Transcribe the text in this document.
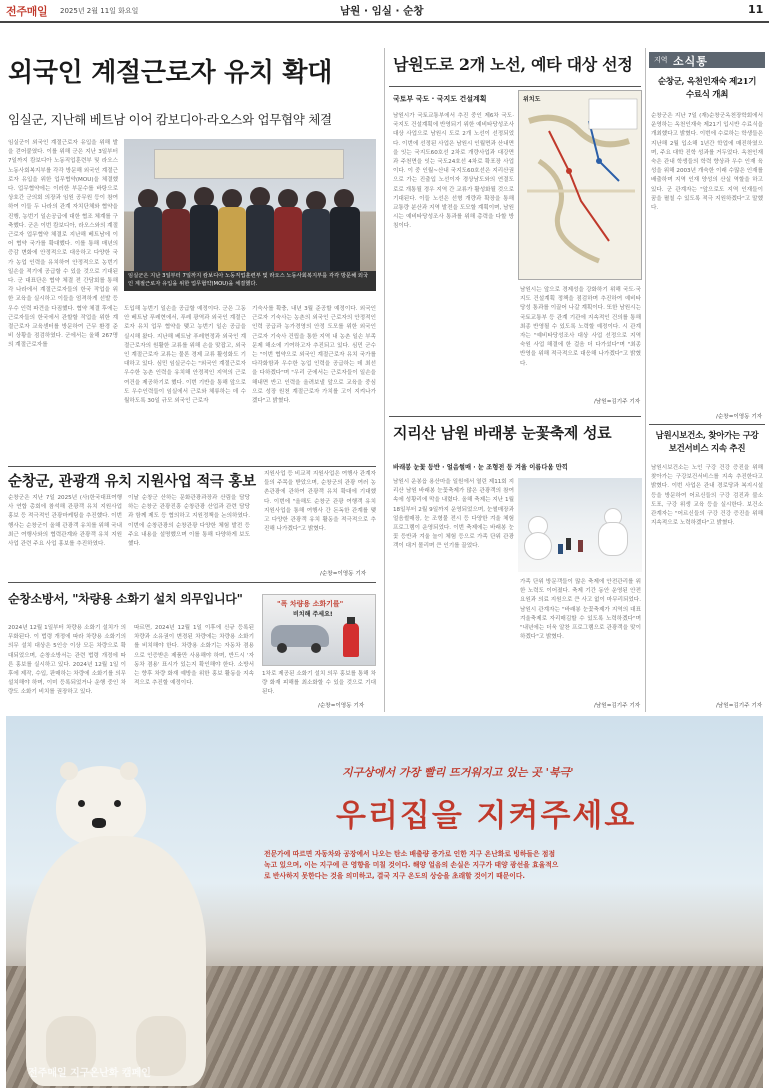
전주매일 2025년 2월 11일 화요일	남원 · 임실 · 순창	11
외국인 계절근로자 유치 확대
임실군, 지난해 베트남 이어 캄보디아·라오스와 업무협약 체결
임실군이 외국인 계절근로자 유입을 위해 발을 걷어붙였다. 이를 위해 군은 지난 3일부터 7일까지 캄보디아 노동직업훈련부 및 라오스 노동사회복지부를 각각 방문해 외국인 계절근로자 유입을 위한 업무협약(MOU)을 체결했다. 업무협약에는 이러한 부문수를 바탕으로 상호간 군의회 의장과 임원 공무원 등이 참여하여 이들 두 나라의 관계 자치단체와 협약을 진행, 농번기 일손공급에 대한 협조 체계를 구축했다. 군은 이번 캄보디아, 라오스와의 계절근로자 업무협약 체결로 지난해 베트남에 이어 협약 국가를 확대했다. 이를 통해 매년의 증감 변화에 안정적으로 대응하고 다양한 국가 농업 인력을 유치하여 안정적으로 농번기 일손을 적기에 공급할 수 있을 것으로 기대된다. 군 대표단은 협약 체결 전 간담회를 통해 각 나라에서 계절근로자들의 한국 작업을 위한 교육을 실시하고 이들을 엄격하게 선발 등 우수 인력 파견을 다짐했다. 협약 체결 후에는 근로자들의 한국에서 관할할 작업을 위한 계절근로자 교육센터를 방문하여 근무 환경 준비 상황을 점검하였다. 군에서는 올해 267명의 계절근로자를
임실군은 지난 3일부터 7일까지 캄보디아 노동직업훈련부 및 라오스 노동사회복지부를 각각 방문해 외국인 계절근로자 유입을 위한 업무협약(MOU)을 체결했다.
도입해 농번기 일손을 공급할 예정이다. 군은 그동안 베트남 푸레현에서, 푸레 광역과 외국인 계절근로자 유치 업무 협약을 맺고 농번기 일손 공급을 실시해 왔다. 지난해 베트남 푸레현정과 외국인 계절근로자의 원활한 교류를 위해 손을 맞잡고, 외국인 계절근로자 교류는 물론 경제 교류 활성화도 기대하고 있다. 심민 임실군수는 "외국인 계절근로자 우수한 농촌 인력을 유치해 안정적인 지역의 근로 여건을 제공하기로 했다. 이번 기반을 통해 앞으로도 우수인력들이 임실에서 근로와 체류하는 데 수월하도록 30일 규모 외국인 근로자
기숙사를 확충, 내년 3월 준공할 예정이다. 외국인 근로자 기숙사는 농촌의 외국인 근로자의 안정적인 인력 공급과 농가경영의 안정 도모를 위한 외국인 근로자 기숙사 건립을 통한 지역 내 농촌 일손 부족 문제 해소에 기여하고자 추진되고 있다. 심민 군수는 "이번 협약으로 외국인 계절근로자 유치 국가를 다각화함과 우수한 농업 인력을 공급하는 데 최선을 다하겠다"며 "우리 군에서는 근로자들이 일손을 해내면 반고 인력을 올려보낼 앞으로 교육을 중심으로 성장 원천 계절근로자 가치를 고이 지켜나가겠다"고 밝혔다.
순창군, 관광객 유치 지원사업 적극 홍보
순창군은 지난 7일 2025년 (사)한국대표여행사 연합 총회에 참석해 관광객 유치 지원사업 홍보 등 적극적인 관광마케팅을 추진했다. 이번 행사는 순창군이 올해 관광객 유치를 위해 국내 최근 여행사와의 협력관계와 관광객 유치 지원사업 관련 주요 사업 홍보를 추진하였다.
이날 순창군 산하는 문화관광과장과 산림을 담당하는 순창군 관광진흥 순창관광 산업과 관련 담당과 함께 제도 등 협의하고 지원정책을 논의하였다. 이번에 순창관광의 순창관광 다양한 체험 발전 등 주요 내용을 설명했으며 이를 통해 다양하게 보도했다.
지원사업 등 비교적 지원사업은 여행사 관계자들의 주목을 받았으며, 순창군의 관광 여러 농촌관광에 관하여 관광객 유치 확대에 기대했다. 이번에 "올해도 순창군 관광 여행객 유치 지원사업을 통해 여행사 간 돈독한 관계를 맺고 다양한 관광객 유치 활동을 적극적으로 추진해 나가겠다"고 밝혔다.
/순창=이영동 기자
순창소방서, "차량용 소화기 설치 의무입니다"
2024년 12월 1일부터 차량용 소화기 설치가 의무화된다. 이 법령 개정에 따라 차량용 소화기의 의무 설치 대상은 5인승 이상 모든 차량으로 확대되었으며, 순창소방서는 관련 법령 개정에 따른 홍보를 실시하고 있다. 2024년 12월 1일 이후에 제작, 수입, 판매하는 차량에 소화기를 의무 설치해야 하며, 이미 등록되었거나 운행 중인 차량도 소화기 비치를 권장하고 있다.
따르면, 2024년 12월 1일 이후에 신규 등록된 차량과 소유권이 변경된 차량에는 차량용 소화기를 비치해야 한다. 차량용 소화기는 자동차 겸용으로 인증받은 제품만 사용해야 하며, 반드시 '자동차 겸용' 표시가 있는지 확인해야 한다. 소방서는 향후 차량 화재 예방을 위한 홍보 활동을 지속적으로 추진할 예정이다.
"폭 차량용 소화기를"
비치해 주세요!
1차로 제공된 소화기 설치 의무 홍보를 통해 차량 화재 피해를 최소화할 수 있을 것으로 기대된다.
/순창=이영동 기자
남원도로 2개 노선, 예타 대상 선정
국토부 국도 · 국지도 건설계획
남원시가 국토교통부에서 추진 중인 제6차 국도·국지도 건설계획에 반영되기 위한 예비타당성조사 대상 사업으로 남원시 도로 2개 노선이 선정되었다. 이번에 선정된 사업은 남원시 인월면과 산내면을 잇는 국지도60호선 2차로 개량사업과 대강면과 주천면을 잇는 국도24호선 4차로 확포장 사업이다. 이 중 인월~산내 국지도60호선은 지리산권으로 가는 진출입 노선이자 경상남도와의 연결도로로 개통될 경우 지역 간 교류가 활성화될 것으로 기대된다. 이들 노선은 선형 개량과 확장을 통해 교통량 분산과 지역 발전을 도모할 계획이며, 남원시는 예비타당성조사 통과를 위해 총력을 다할 방침이다.
위치도
남원시는 앞으로 경제성을 강화하기 위해 국도·국지도 건설계획 정책을 점검하며 추진하여 예비타당성 통과를 이끌어 나갈 계획이다. 또한 남원시는 국토교통부 등 관계 기관에 지속적인 건의를 통해 최종 반영될 수 있도록 노력할 예정이다. 시 관계자는 "예비타당성조사 대상 사업 선정으로 지역 숙원 사업 해결에 한 걸음 더 다가섰다"며 "최종 반영을 위해 적극적으로 대응해 나가겠다"고 밝혔다.
/남원=김기주 기자
지리산 남원 바래봉 눈꽃축제 성료
바래봉 눈꽃 등반 · 얼음썰매 · 눈 조형전 등 겨울 이름다움 만끽
남원시 운봉읍 용산마을 일원에서 열린 제11회 지리산 남원 바래봉 눈꽃축제가 많은 관광객의 참여 속에 성황리에 막을 내렸다. 올해 축제는 지난 1월 18일부터 2월 9일까지 운영되었으며, 눈썰매장과 얼음썰매장, 눈 조형물 전시 등 다양한 겨울 체험 프로그램이 운영되었다. 이번 축제에는 바래봉 눈꽃 등반과 겨울 놀이 체험 등으로 가족 단위 관광객이 대거 몰리며 큰 인기를 끌었다.
가족 단위 방문객들이 많은 축제에 안전관리를 위한 노력도 이어졌다. 축제 기간 동안 운영된 안전요원과 의료 지원으로 큰 사고 없이 마무리되었다. 남원시 관계자는 "바래봉 눈꽃축제가 지역의 대표 겨울축제로 자리매김할 수 있도록 노력하겠다"며 "내년에는 더욱 알찬 프로그램으로 관광객을 맞이하겠다"고 밝혔다.
/남원=김기주 기자
지역 소식통
순창군, 옥천인재숙 제21기 수료식 개최
순창군은 지난 7일 (재)순창군옥천장학회에서 운영하는 옥천인재숙 제21기 입시반 수료식을 개최했다고 밝혔다. 이번에 수료하는 학생들은 지난해 2월 입소해 1년간 학업에 매진하였으며, 주요 대학 진학 성과를 거두었다. 옥천인재숙은 관내 학생들의 학력 향상과 우수 인재 육성을 위해 2003년 개숙한 이래 수많은 인재를 배출하며 지역 인재 양성의 산실 역할을 하고 있다. 군 관계자는 "앞으로도 지역 인재들이 꿈을 펼칠 수 있도록 적극 지원하겠다"고 말했다.
/순창=이영동 기자
남원시보건소, 찾아가는 구강보건서비스 지속 추진
남원시보건소는 노인 구강 건강 증진을 위해 찾아가는 구강보건서비스를 지속 추진한다고 밝혔다. 이번 사업은 관내 경로당과 복지시설 등을 방문하여 어르신들의 구강 검진과 불소 도포, 구강 위생 교육 등을 실시한다. 보건소 관계자는 "어르신들의 구강 건강 증진을 위해 지속적으로 노력하겠다"고 밝혔다.
/남원=김기주 기자
지구상에서 가장 빨리 뜨거워지고 있는 곳 '북극'
우리집을 지켜주세요
전문가에 따르면 자동차와 공장에서 나오는 탄소 배출량 증가로 인한 지구 온난화로 빙하들은 점점
녹고 있으며, 이는 지구에 큰 영향을 미칠 것이다. 해양 얼음의 손실은 지구가 태양 광선을 효율적으
로 반사하지 못한다는 것을 의미하고, 결국 지구 온도의 상승을 초래할 것이기 때문이다.
전주매일 지구온난화 캠페인
